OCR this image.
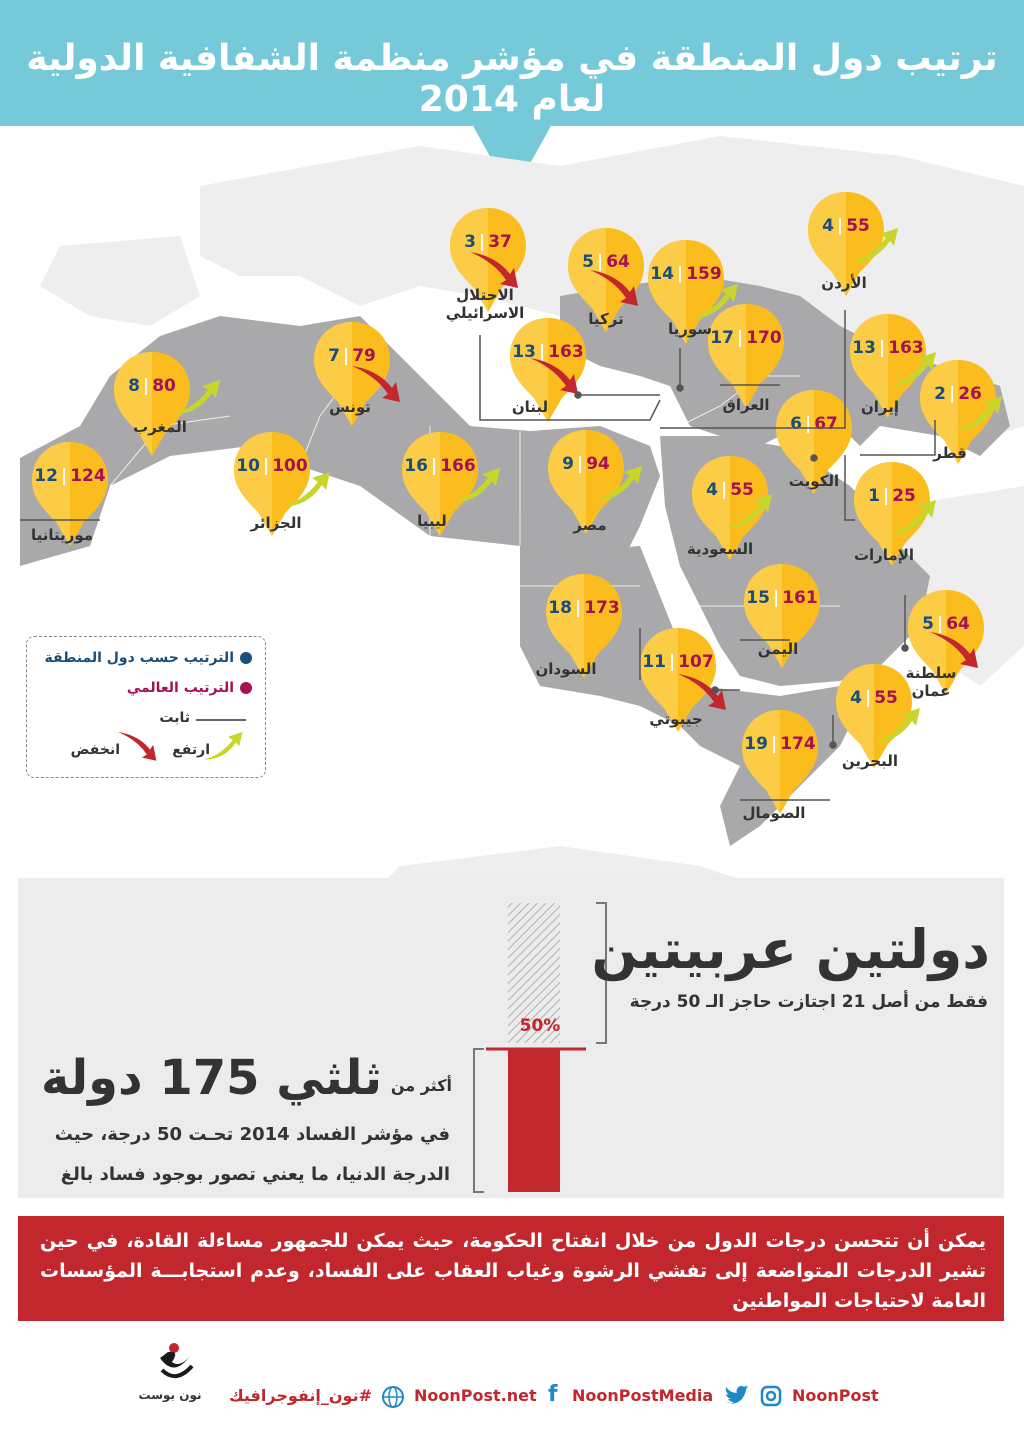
ترتيب دول المنطقة في مؤشر منظمة الشفافية الدولية لعام 2014
12 | 124
8 | 80
10 | 100
7 | 79
16 | 166	9 | 94
18 | 173
11 | 107
19 | 174
3 | 37
13 | 163
5 | 64
14 | 159
17 | 170
4 | 55
13 | 163
6 | 67
2 | 26
4 | 55	1 | 25
15 | 161
5 | 64
4 | 55
موريتانيا
المغرب
الجزائر
تونس
ليبيا	مصر
السودان
جيبوتي
الصومال
الاحتلال الاسرائيلي
لبنان
تركيا
سوريا
العراق
الأردن
إيران
الكويت
قطر
السعودية	الإمارات
اليمن
سلطنة عمان
البحرين
الترتيب حسب دول المنطقة
الترتيب العالمي
ثابت
ارتفع
انخفض
50%
دولتين عربيتين
فقط من أصل 21 اجتازت حاجز الـ 50 درجة
أكثر من
ثلثي 175 دولة
في مؤشر الفساد 2014 تحـت 50 درجة، حيث
الدرجة الدنيا، ما يعني تصور بوجود فساد بالغ
يمكن أن تتحسن درجات الدول من خلال انفتاح الحكومة، حيث يمكن للجمهور مساءلة القادة، في حين تشير الدرجات المتواضعة إلى تفشي الرشوة وغياب العقاب على الفساد، وعدم استجابـــة المؤسسات العامة لاحتياجات المواطنين
نون بوست	#نون_إنفوجرافيك	NoonPost.net f NoonPostMedia	NoonPost
